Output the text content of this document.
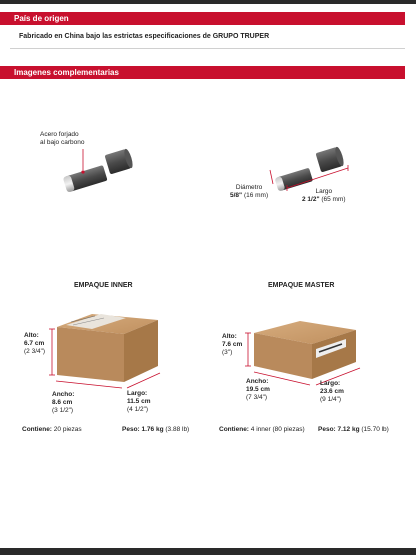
País de origen
Fabricado en China bajo las estrictas especificaciones de GRUPO TRUPER
Imagenes complementarias
Acero forjado
al bajo carbono
Diámetro
5/8" (16 mm)
Largo
2 1/2" (65 mm)
EMPAQUE INNER
Alto:
6.7 cm
(2 3/4")
Ancho:
8.6 cm
(3 1/2")
Largo:
11.5 cm
(4 1/2")
Contiene: 20 piezas	Peso: 1.76 kg (3.88 lb)
EMPAQUE MASTER
Alto:
7.6 cm
(3")
Ancho:
19.5 cm
(7 3/4")
Largo:
23.6 cm
(9 1/4")
Contiene: 4 inner (80 piezas) Peso: 7.12 kg (15.70 lb)
